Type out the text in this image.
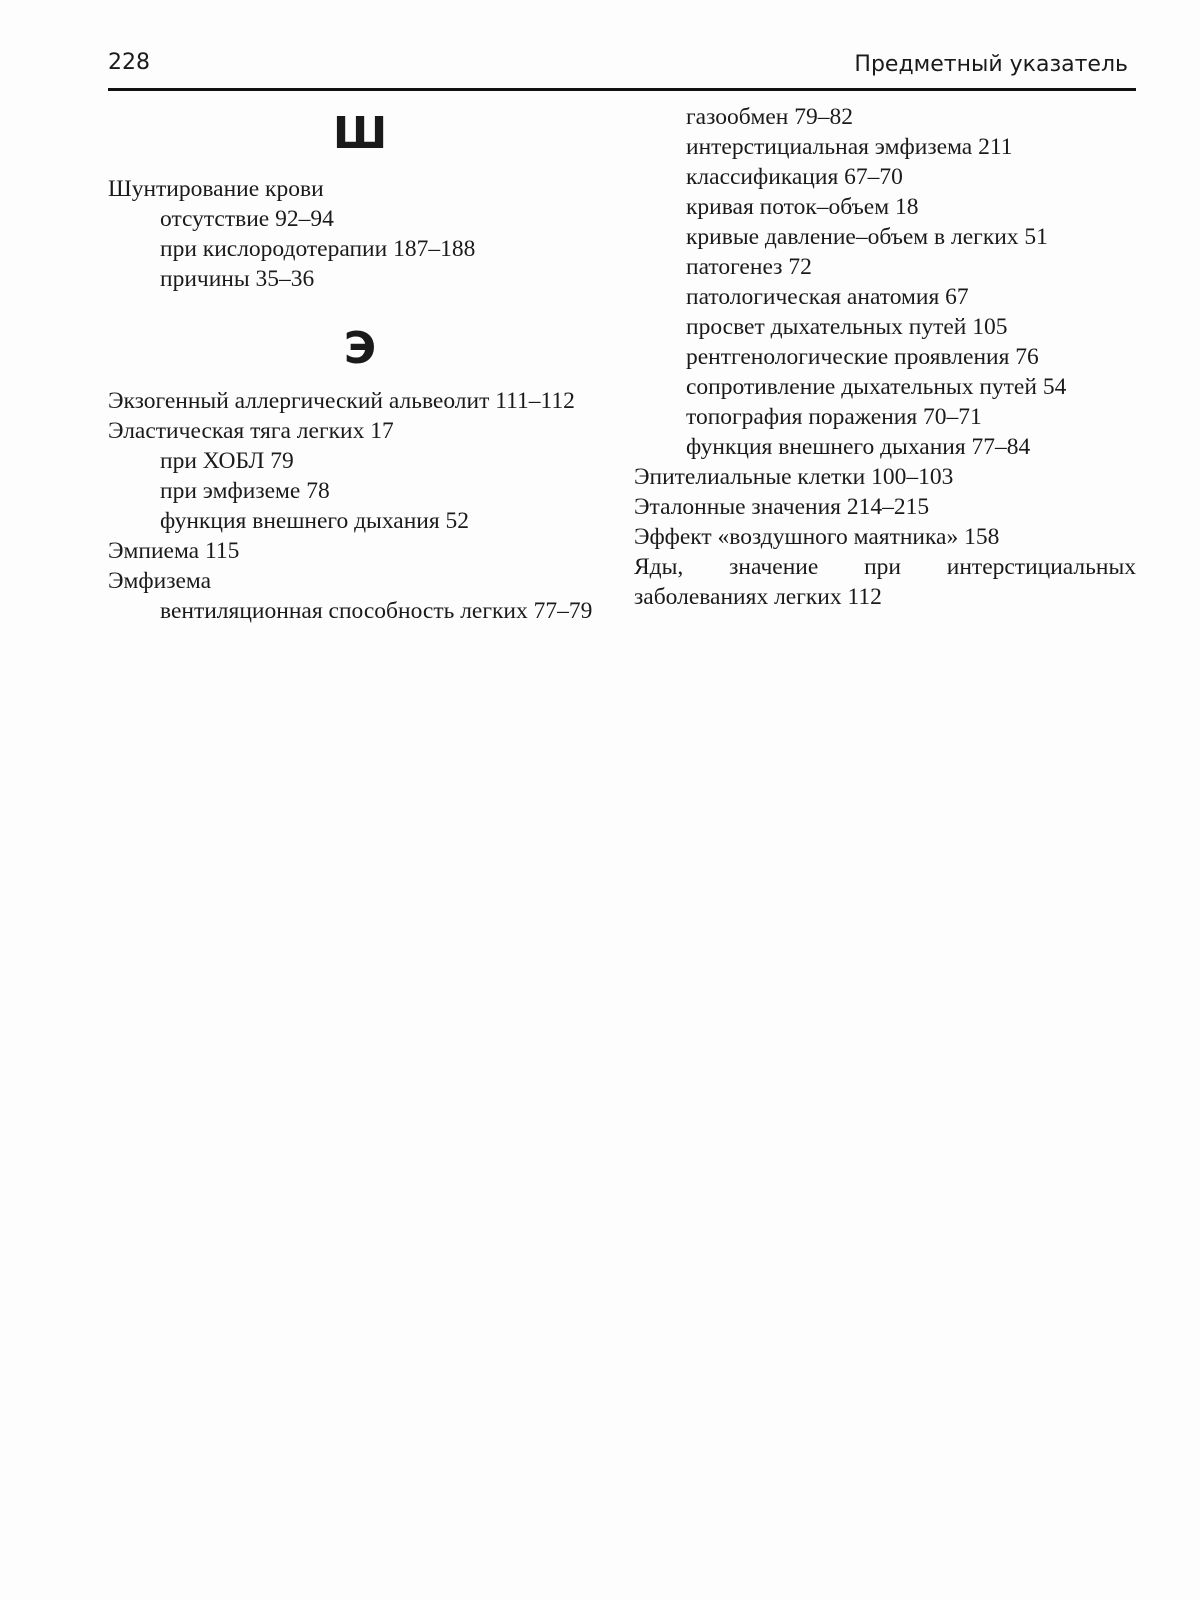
228	Предметный указатель
Ш

Шунтирование крови

отсутствие 92–94

при кислородотерапии 187–188

причины 35–36

Э

Экзогенный аллергический альвеолит 111–112

Эластическая тяга легких 17

при ХОБЛ 79

при эмфиземе 78

функция внешнего дыхания 52

Эмпиема 115

Эмфизема

вентиляционная способность легких 77–79

газообмен 79–82

интерстициальная эмфизема 211

классификация 67–70

кривая поток–объем 18

кривые давление–объем в легких 51

патогенез 72

патологическая анатомия 67

просвет дыхательных путей 105

рентгенологические проявления 76

сопротивление дыхательных путей 54

топография поражения 70–71

функция внешнего дыхания 77–84

Эпителиальные клетки 100–103

Эталонные значения 214–215

Эффект «воздушного маятника» 158

Яды, значение при интерстициальных заболеваниях легких 112
